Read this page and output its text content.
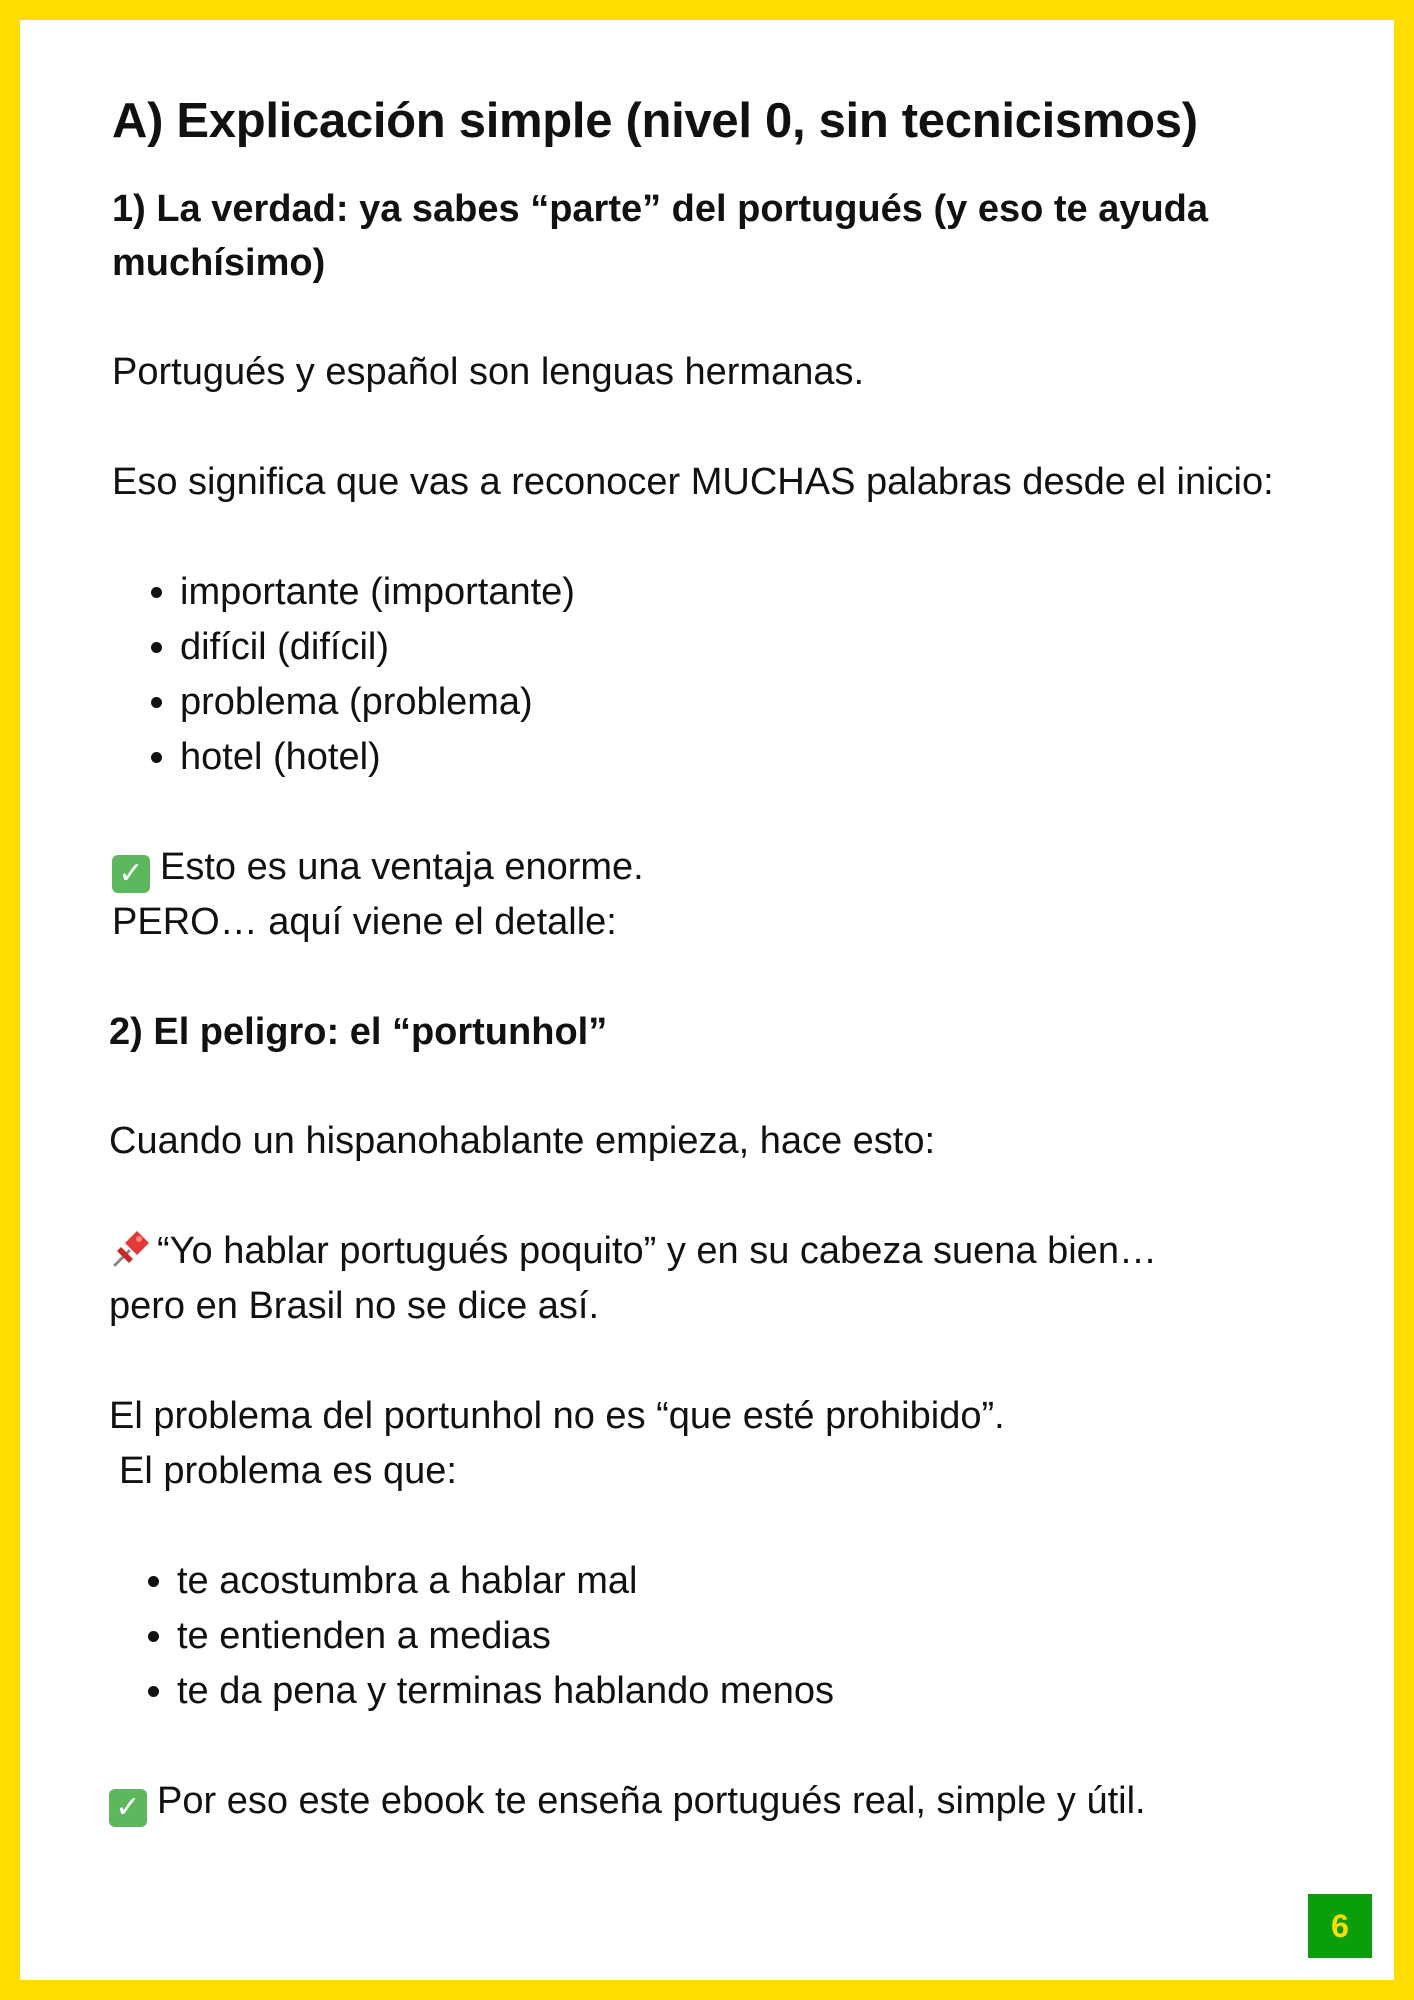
A) Explicación simple (nivel 0, sin tecnicismos)
1) La verdad: ya sabes “parte” del portugués (y eso te ayuda muchísimo)

Portugués y español son lenguas hermanas.

Eso significa que vas a reconocer MUCHAS palabras desde el inicio:

• importante (importante)
• difícil (difícil)
• problema (problema)
• hotel (hotel)

✓ Esto es una ventaja enorme.

PERO… aquí viene el detalle:

2) El peligro: el “portunhol”

Cuando un hispanohablante empieza, hace esto:

“Yo hablar portugués poquito” y en su cabeza suena bien…

pero en Brasil no se dice así.

El problema del portunhol no es “que esté prohibido”.

El problema es que:

• te acostumbra a hablar mal
• te entienden a medias
• te da pena y terminas hablando menos

✓ Por eso este ebook te enseña portugués real, simple y útil.

6
